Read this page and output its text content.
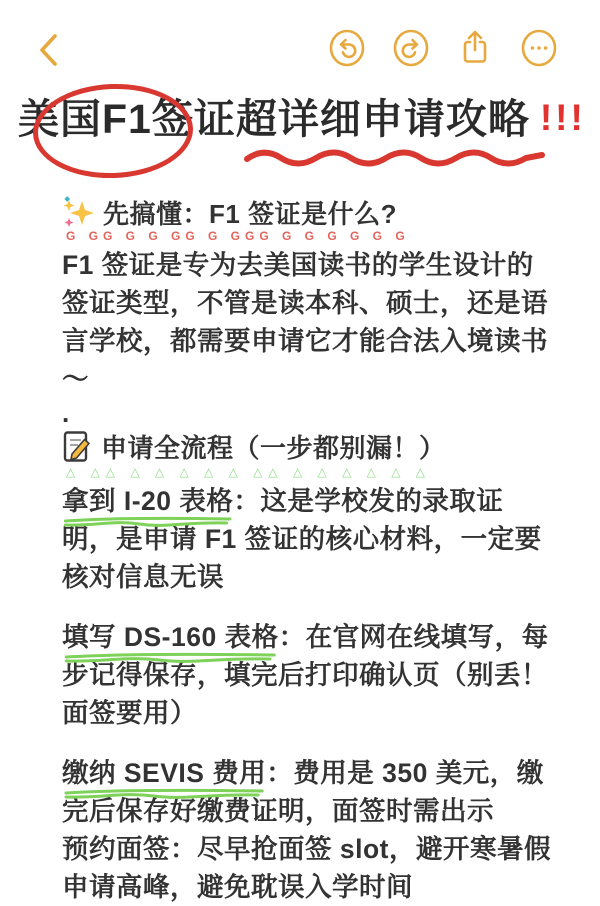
美国F1签证超详细申请攻略 !!!
先搞懂：F1 签证是什么?
G GG G G GG G GGG G G G G G G

F1 签证是专为去美国读书的学生设计的签证类型，不管是读本科、硕士，还是语言学校，都需要申请它才能合法入境读书～

.

申请全流程（一步都别漏！）
△ △△ △ △ △ △ △ △△ △ △ △ △ △ △

拿到 I-20 表格
：这是学校发的录取证明，是申请 F1 签证的核心材料，一定要核对信息无误

填写 DS-160 表格
：在官网在线填写，每步记得保存，填完后打印确认页（别丢！面签要用）

缴纳 SEVIS 费用
：费用是 350 美元，缴完后保存好缴费证明，面签时需出示

预约面签：尽早抢面签 slot，避开寒暑假申请高峰，避免耽误入学时间
